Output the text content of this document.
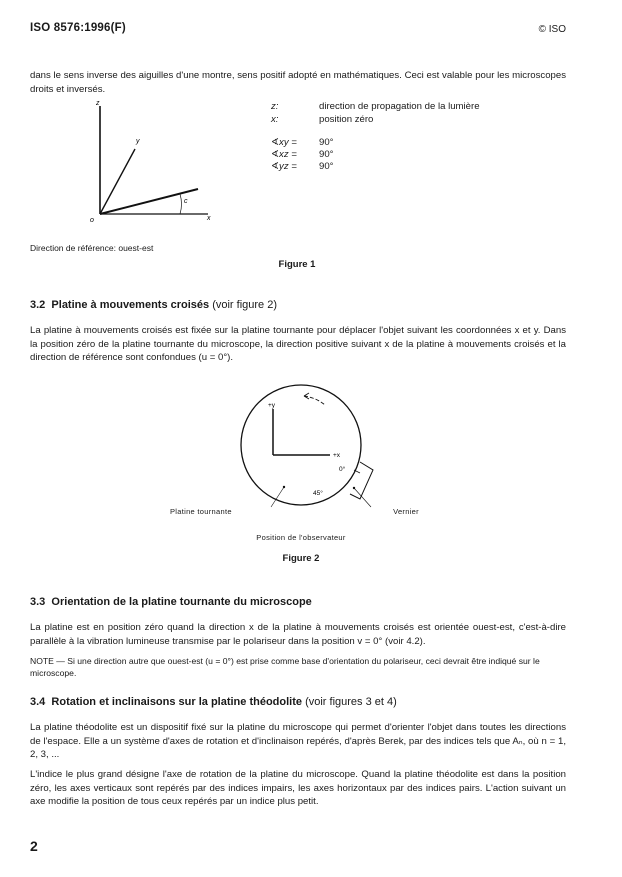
ISO 8576:1996(F)	© ISO
dans le sens inverse des aiguilles d'une montre, sens positif adopté en mathématiques. Ceci est valable pour les microscopes droits et inversés.
z
y
x
o
c
z:	direction de propagation de la lumière
x:	position zéro
∢xy = 90°
∢xz = 90°
∢yz = 90°
Direction de référence: ouest-est
Figure 1
3.2 Platine à mouvements croisés (voir figure 2)
La platine à mouvements croisés est fixée sur la platine tournante pour déplacer l'objet suivant les coordonnées x et y. Dans la position zéro de la platine tournante du microscope, la direction positive suivant x de la platine à mouvements croisés et la direction de référence sont confondues (u = 0°).
+y
+x
0°
45°
Platine tournante	Vernier
Position de l'observateur
Figure 2
3.3 Orientation de la platine tournante du microscope
La platine est en position zéro quand la direction x de la platine à mouvements croisés est orientée ouest-est, c'est-à-dire parallèle à la vibration lumineuse transmise par le polariseur dans la position v = 0° (voir 4.2).
NOTE — Si une direction autre que ouest-est (u = 0°) est prise comme base d'orientation du polariseur, ceci devrait être indiqué sur le microscope.
3.4 Rotation et inclinaisons sur la platine théodolite (voir figures 3 et 4)
La platine théodolite est un dispositif fixé sur la platine du microscope qui permet d'orienter l'objet dans toutes les directions de l'espace. Elle a un système d'axes de rotation et d'inclinaison repérés, d'après Berek, par des indices tels que Aₙ, où n = 1, 2, 3, ...
L'indice le plus grand désigne l'axe de rotation de la platine du microscope. Quand la platine théodolite est dans la position zéro, les axes verticaux sont repérés par des indices impairs, les axes horizontaux par des indices pairs. L'action suivant un axe modifie la position de tous ceux repérés par un indice plus petit.
2
